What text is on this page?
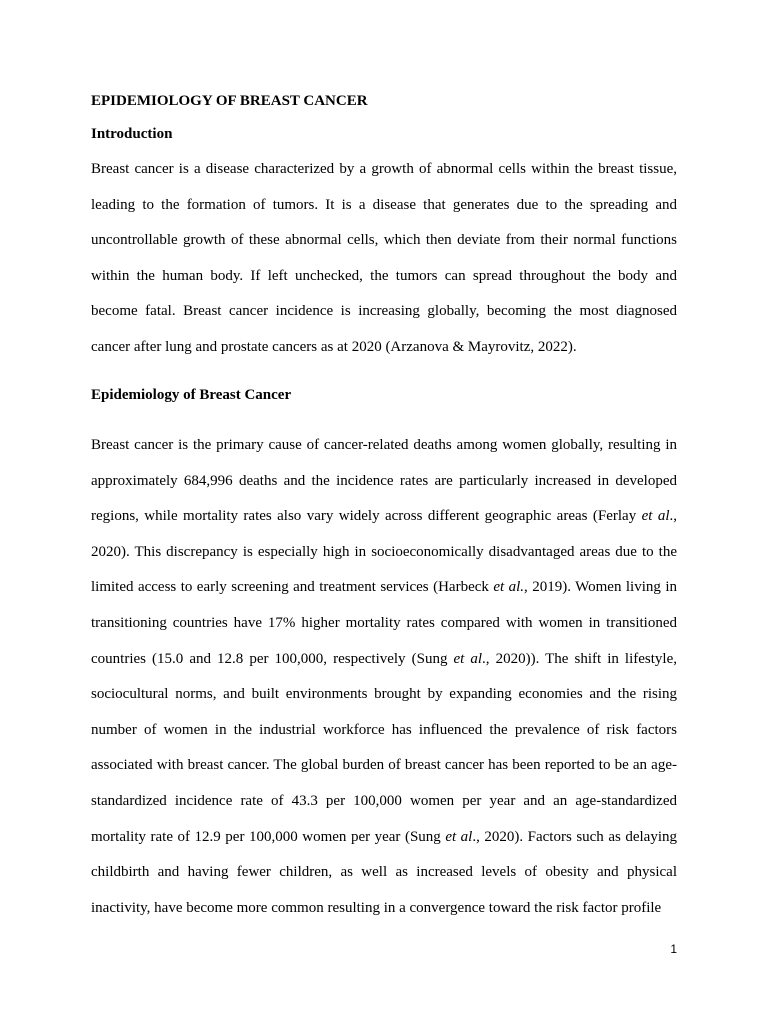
EPIDEMIOLOGY OF BREAST CANCER
Introduction
Breast cancer is a disease characterized by a growth of abnormal cells within the breast tissue,
leading to the formation of tumors. It is a disease that generates due to the spreading and
uncontrollable growth of these abnormal cells, which then deviate from their normal functions
within the human body. If left unchecked, the tumors can spread throughout the body and
become fatal. Breast cancer incidence is increasing globally, becoming the most diagnosed
cancer after lung and prostate cancers as at 2020 (Arzanova & Mayrovitz, 2022).
Epidemiology of Breast Cancer
Breast cancer is the primary cause of cancer-related deaths among women globally, resulting in
approximately 684,996 deaths and the incidence rates are particularly increased in developed
regions, while mortality rates also vary widely across different geographic areas (Ferlay et al.,
2020). This discrepancy is especially high in socioeconomically disadvantaged areas due to the
limited access to early screening and treatment services (Harbeck et al., 2019). Women living in
transitioning countries have 17% higher mortality rates compared with women in transitioned
countries (15.0 and 12.8 per 100,000, respectively (Sung et al., 2020)). The shift in lifestyle,
sociocultural norms, and built environments brought by expanding economies and the rising
number of women in the industrial workforce has influenced the prevalence of risk factors
associated with breast cancer. The global burden of breast cancer has been reported to be an age-
standardized incidence rate of 43.3 per 100,000 women per year and an age-standardized
mortality rate of 12.9 per 100,000 women per year (Sung et al., 2020). Factors such as delaying
childbirth and having fewer children, as well as increased levels of obesity and physical
inactivity, have become more common resulting in a convergence toward the risk factor profile
1
